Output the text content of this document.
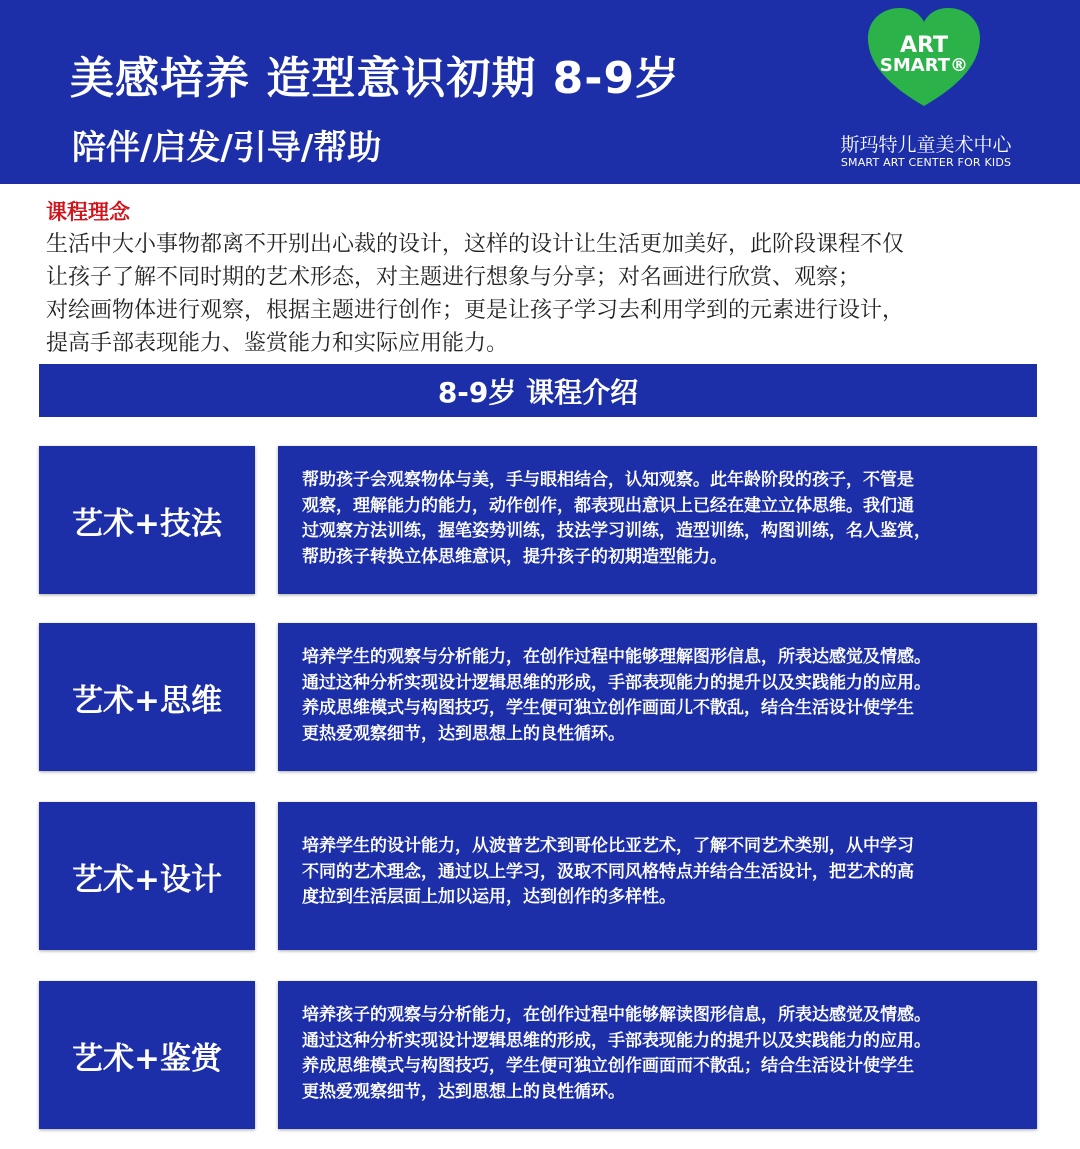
美感培养 造型意识初期 8-9岁
陪伴/启发/引导/帮助
ART
SMART®
斯玛特儿童美术中心
SMART ART CENTER FOR KIDS
课程理念
生活中大小事物都离不开别出心裁的设计，这样的设计让生活更加美好，此阶段课程不仅
让孩子了解不同时期的艺术形态，对主题进行想象与分享；对名画进行欣赏、观察；
对绘画物体进行观察，根据主题进行创作；更是让孩子学习去利用学到的元素进行设计，
提高手部表现能力、鉴赏能力和实际应用能力。
8-9岁 课程介绍
艺术+技法
帮助孩子会观察物体与美，手与眼相结合，认知观察。此年龄阶段的孩子，不管是
观察，理解能力的能力，动作创作，都表现出意识上已经在建立立体思维。我们通
过观察方法训练，握笔姿势训练，技法学习训练，造型训练，构图训练，名人鉴赏，
帮助孩子转换立体思维意识，提升孩子的初期造型能力。
艺术+思维
培养学生的观察与分析能力，在创作过程中能够理解图形信息，所表达感觉及情感。
通过这种分析实现设计逻辑思维的形成，手部表现能力的提升以及实践能力的应用。
养成思维模式与构图技巧，学生便可独立创作画面儿不散乱，结合生活设计使学生
更热爱观察细节，达到思想上的良性循环。
艺术+设计
培养学生的设计能力，从波普艺术到哥伦比亚艺术，了解不同艺术类别，从中学习
不同的艺术理念，通过以上学习，汲取不同风格特点并结合生活设计，把艺术的高
度拉到生活层面上加以运用，达到创作的多样性。
艺术+鉴赏
培养孩子的观察与分析能力，在创作过程中能够解读图形信息，所表达感觉及情感。
通过这种分析实现设计逻辑思维的形成，手部表现能力的提升以及实践能力的应用。
养成思维模式与构图技巧，学生便可独立创作画面而不散乱；结合生活设计使学生
更热爱观察细节，达到思想上的良性循环。
